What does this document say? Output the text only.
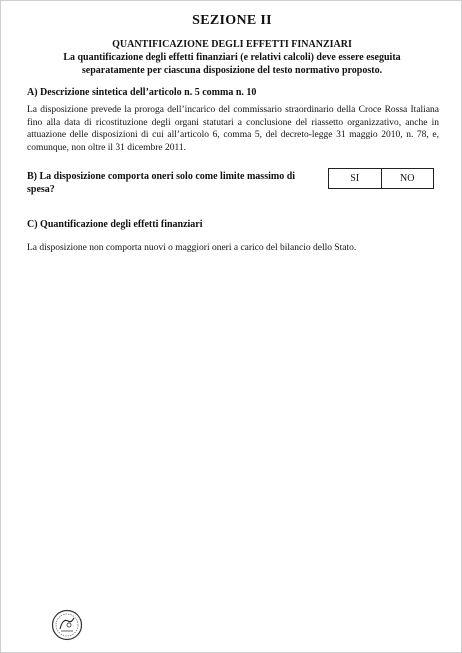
SEZIONE II
QUANTIFICAZIONE DEGLI EFFETTI FINANZIARI
La quantificazione degli effetti finanziari (e relativi calcoli) deve essere eseguita separatamente per ciascuna disposizione del testo normativo proposto.
A) Descrizione sintetica dell’articolo n. 5 comma n. 10
La disposizione prevede la proroga dell’incarico del commissario straordinario della Croce Rossa Italiana fino alla data di ricostituzione degli organi statutari a conclusione del riassetto organizzativo, anche in attuazione delle disposizioni di cui all’articolo 6, comma 5, del decreto-legge 31 maggio 2010, n. 78, e, comunque, non oltre il 31 dicembre 2011.
B) La disposizione comporta oneri solo come limite massimo di spesa?
SI	NO
C) Quantificazione degli effetti finanziari
La disposizione non comporta nuovi o maggiori oneri a carico del bilancio dello Stato.
